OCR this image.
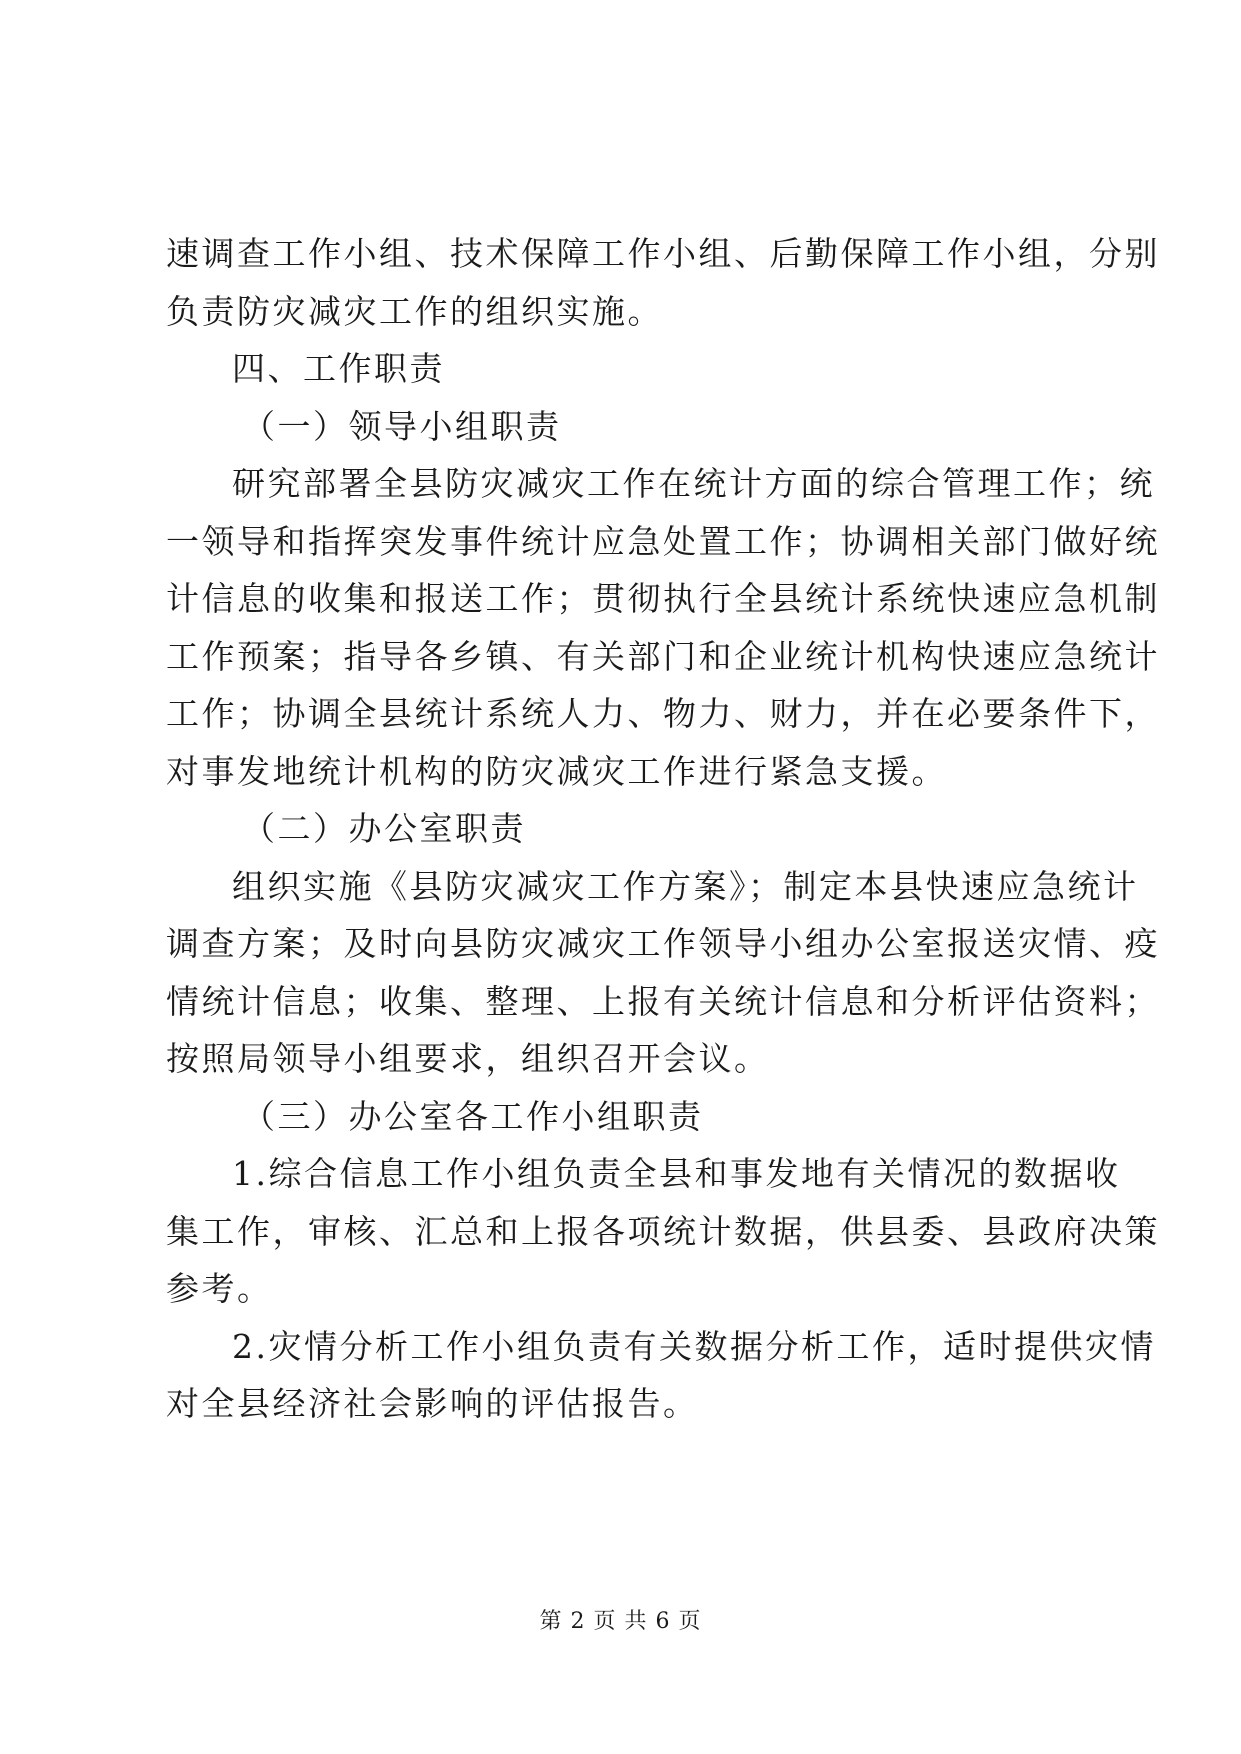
速调查工作小组、技术保障工作小组、后勤保障工作小组，分别
负责防灾减灾工作的组织实施。
四、工作职责
（一）领导小组职责
研究部署全县防灾减灾工作在统计方面的综合管理工作；统
一领导和指挥突发事件统计应急处置工作；协调相关部门做好统
计信息的收集和报送工作；贯彻执行全县统计系统快速应急机制
工作预案；指导各乡镇、有关部门和企业统计机构快速应急统计
工作；协调全县统计系统人力、物力、财力，并在必要条件下，
对事发地统计机构的防灾减灾工作进行紧急支援。
（二）办公室职责
组织实施《县防灾减灾工作方案》；制定本县快速应急统计
调查方案；及时向县防灾减灾工作领导小组办公室报送灾情、疫
情统计信息；收集、整理、上报有关统计信息和分析评估资料；
按照局领导小组要求，组织召开会议。
（三）办公室各工作小组职责
1.综合信息工作小组负责全县和事发地有关情况的数据收
集工作，审核、汇总和上报各项统计数据，供县委、县政府决策
参考。
2.灾情分析工作小组负责有关数据分析工作，适时提供灾情
对全县经济社会影响的评估报告。
第 2 页 共 6 页
